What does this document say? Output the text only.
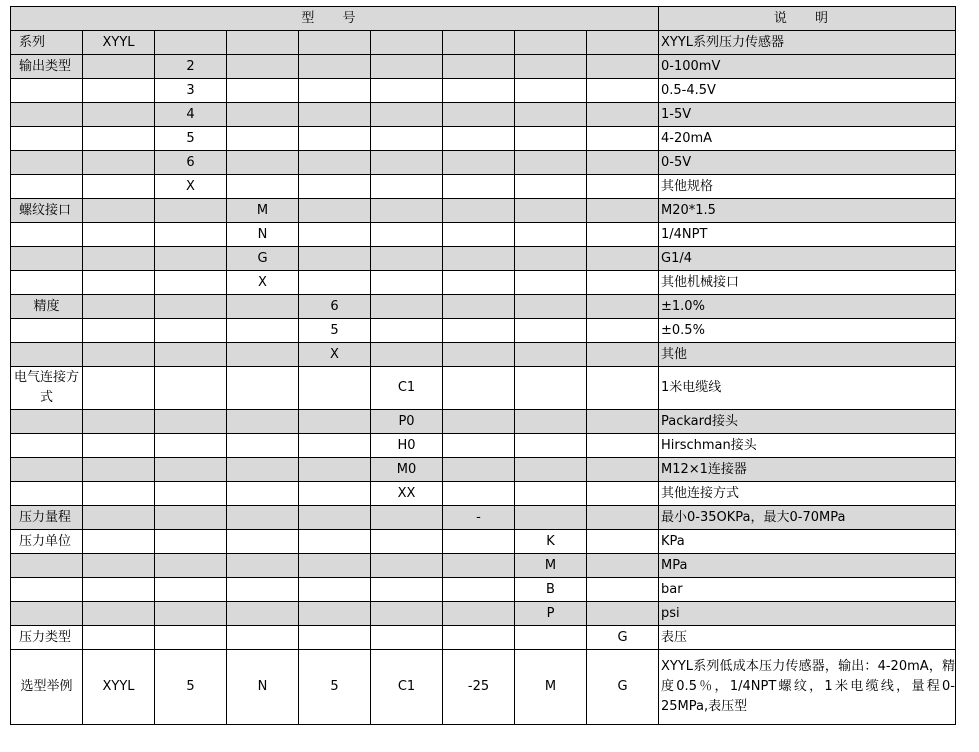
型 号									说 明
系列	XYYL								XYYL系列压力传感器
输出类型		2							0-100mV
		3							0.5-4.5V
		4							1-5V
		5							4-20mA
		6							0-5V
		X							其他规格
螺纹接口			M						M20*1.5
			N						1/4NPT
			G						G1/4
			X						其他机械接口
精度				6					±1.0%
				5					±0.5%
				X					其他
电气连接方式					C1				1米电缆线
					P0				Packard接头
					H0				Hirschman接头
					M0				M12×1连接器
					XX				其他连接方式
压力量程						-			最小0-35OKPa，最大0-70MPa
压力单位							K		KPa
							M		MPa
							B		bar
							P		psi
压力类型								G	表压
选型举例	XYYL	5	N	5	C1	-25	M	G	XYYL系列低成本压力传感器，输出：4-20mA，精度0.5％，1/4NPT螺纹，1米电缆线，量程0-25MPa,表压型
